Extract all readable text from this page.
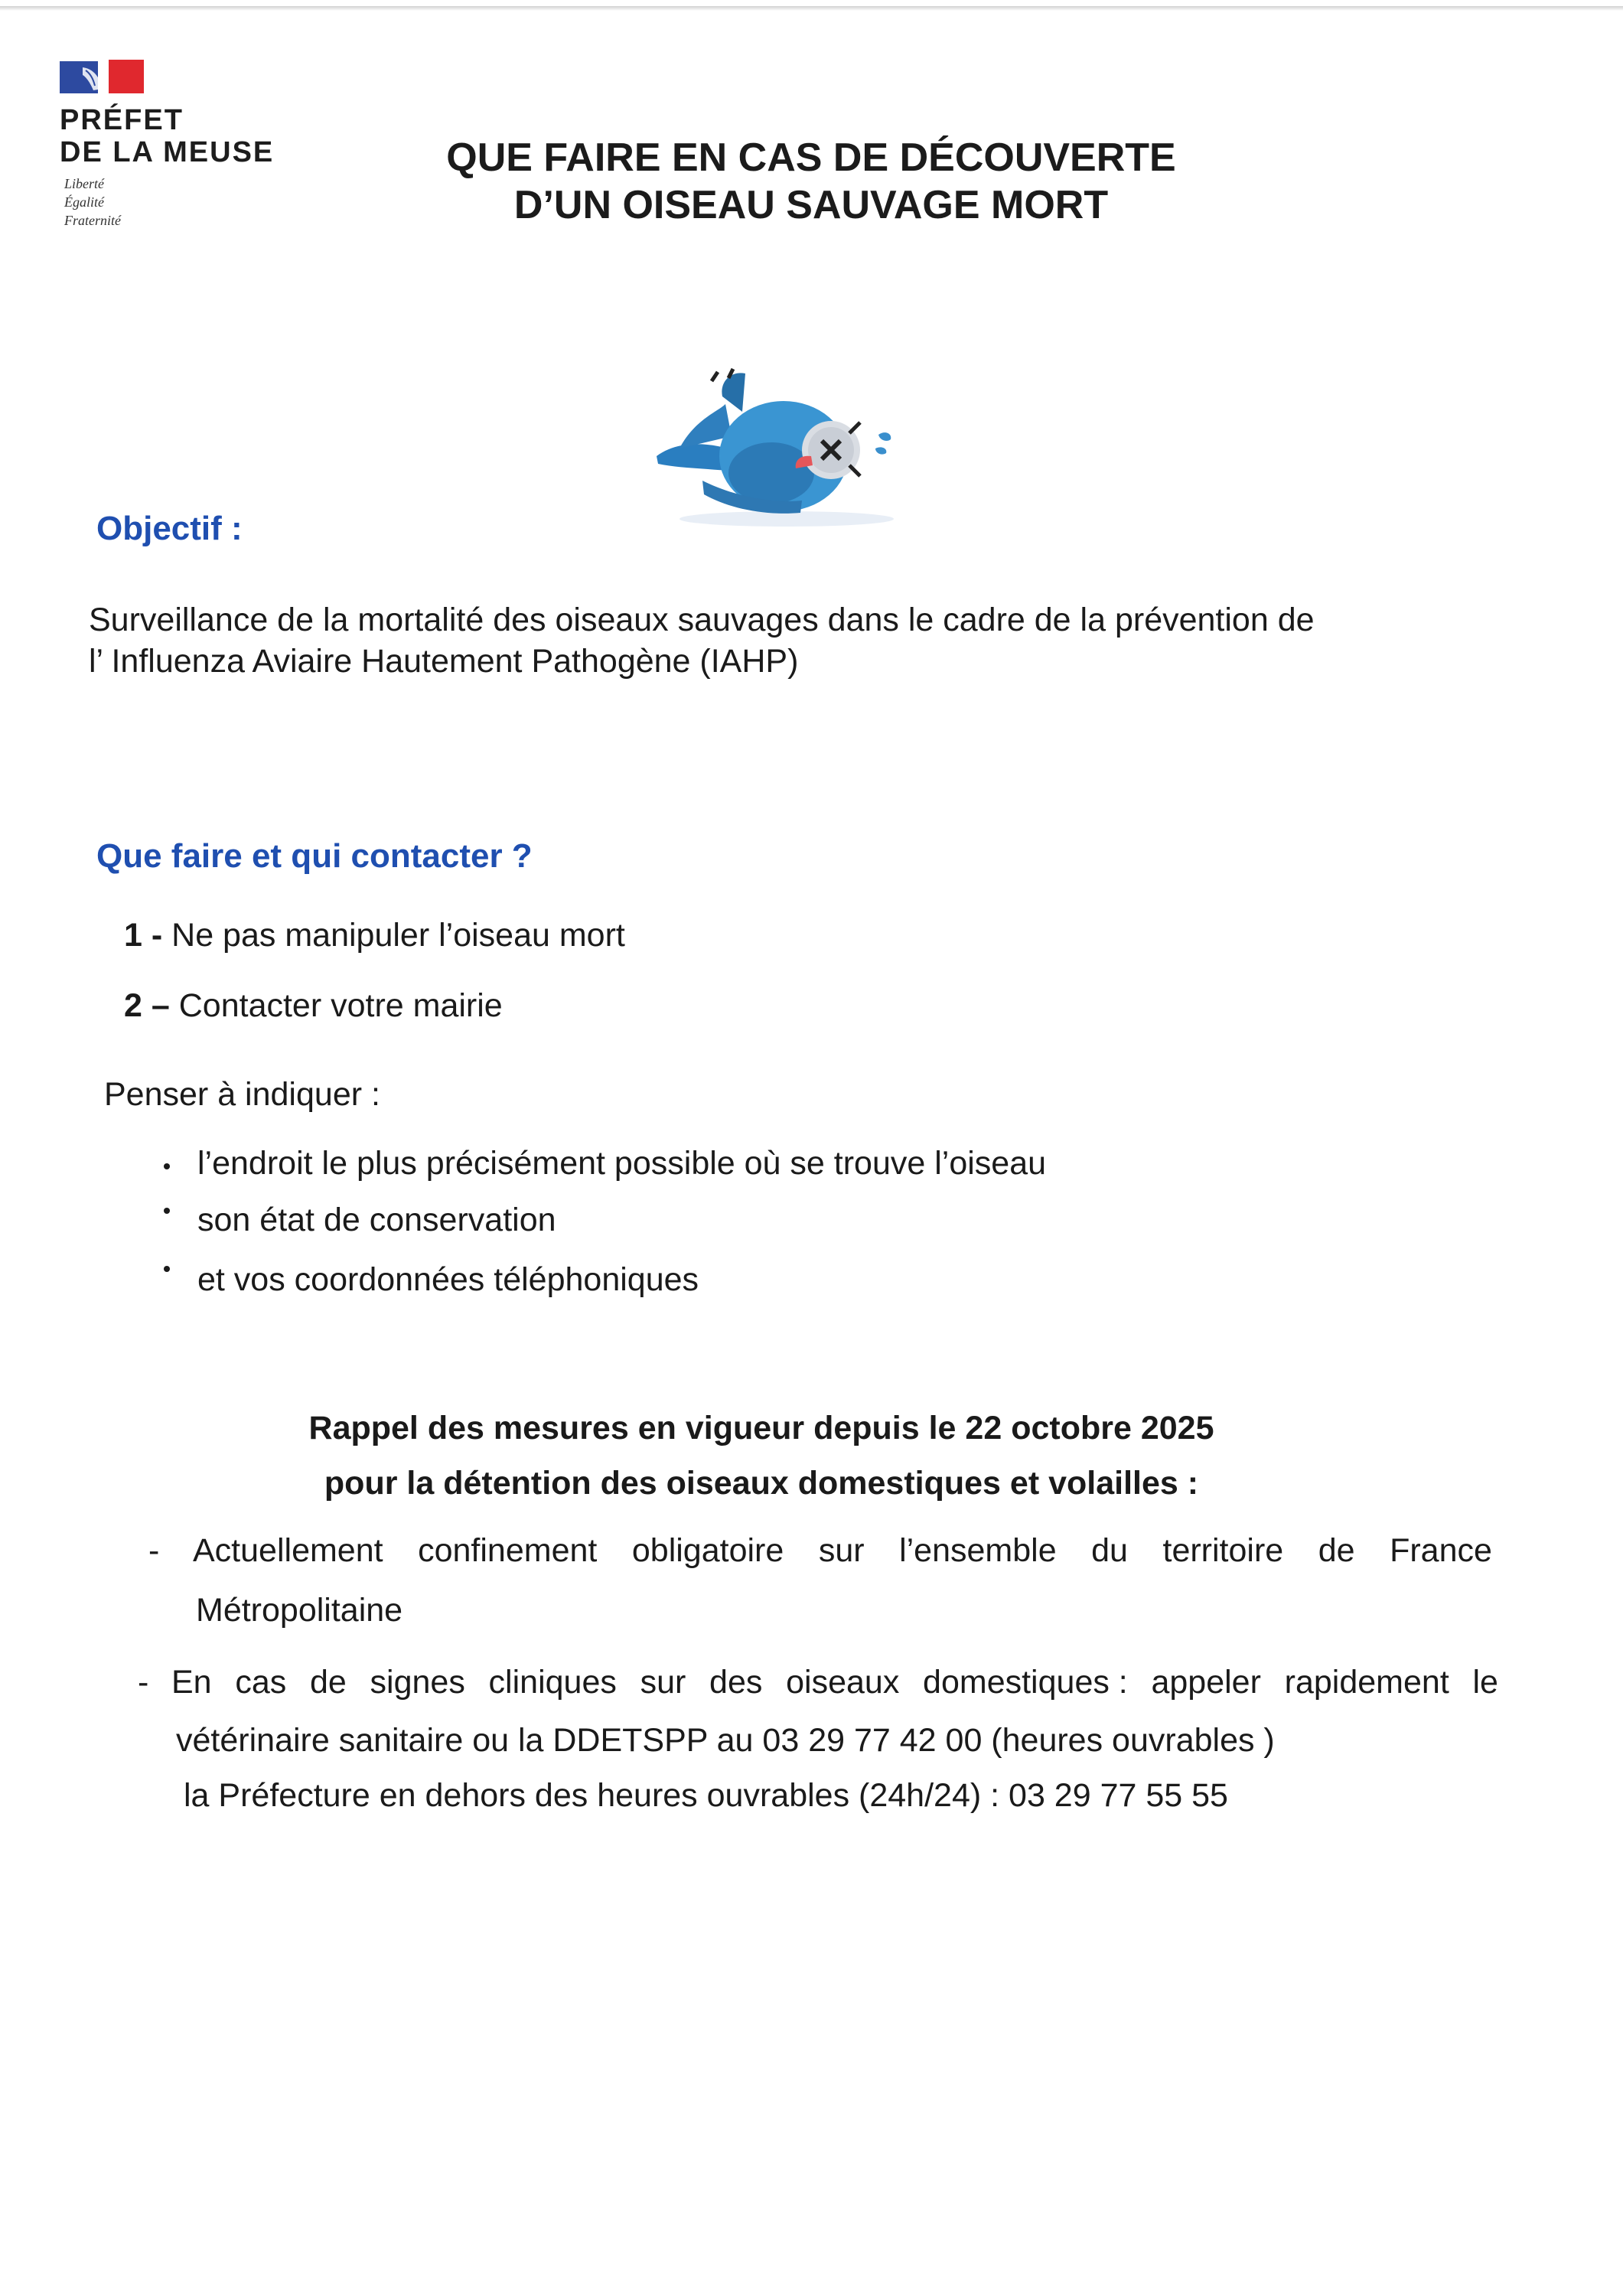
PRÉFET
DE LA MEUSE
Liberté
Égalité
Fraternité
QUE FAIRE EN CAS DE DÉCOUVERTE
D’UN OISEAU SAUVAGE MORT
Objectif :
Surveillance de la mortalité des oiseaux sauvages dans le cadre de la prévention de
l’ Influenza Aviaire Hautement Pathogène (IAHP)
Que faire et qui contacter ?
1 - Ne pas manipuler l’oiseau mort
2 – Contacter votre mairie
Penser à indiquer :
l’endroit le plus précisément possible où se trouve l’oiseau
son état de conservation
et vos coordonnées téléphoniques
Rappel des mesures en vigueur depuis le 22 octobre 2025
pour la détention des oiseaux domestiques et volailles :
- Actuellement confinement obligatoire sur l’ensemble du territoire de France
Métropolitaine
- En cas de signes cliniques sur des oiseaux domestiques : appeler rapidement le
vétérinaire sanitaire ou la DDETSPP au 03 29 77 42 00 (heures ouvrables )
la Préfecture en dehors des heures ouvrables (24h/24) : 03 29 77 55 55
